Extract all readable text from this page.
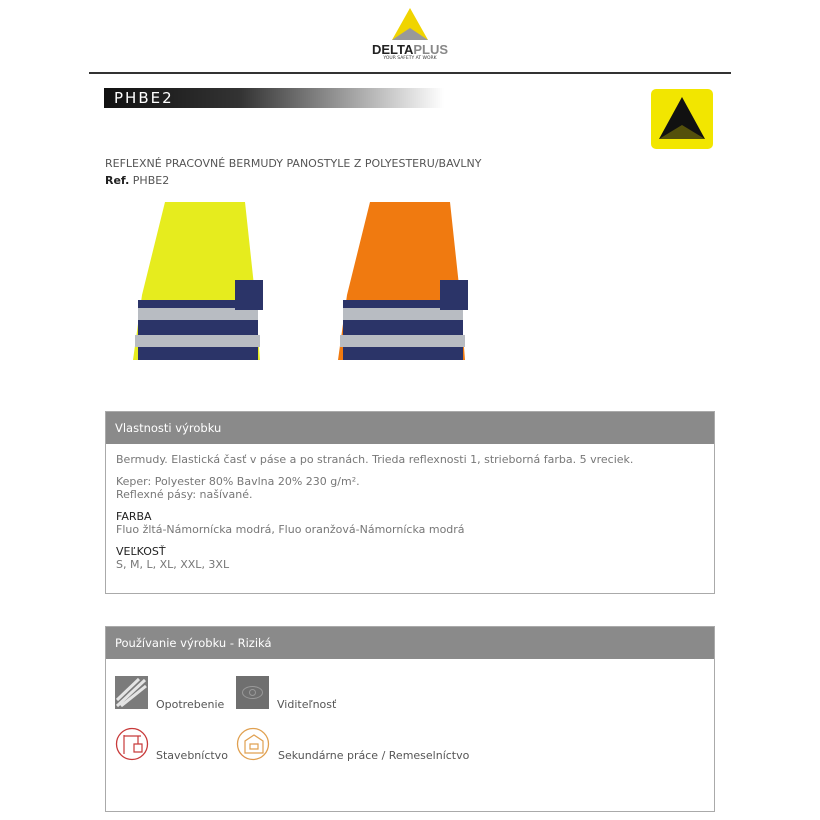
DELTAPLUS
YOUR SAFETY AT WORK
PHBE2
REFLEXNÉ PRACOVNÉ BERMUDY PANOSTYLE Z POLYESTERU/BAVLNY
Ref. PHBE2
Vlastnosti výrobku
Bermudy. Elastická časť v páse a po stranách. Trieda reflexnosti 1, strieborná farba. 5 vreciek.
Keper: Polyester 80% Bavlna 20% 230 g/m².
Reflexné pásy: našívané.
FARBA
Fluo žltá-Námornícka modrá, Fluo oranžová-Námornícka modrá
VEĽKOSŤ
S, M, L, XL, XXL, 3XL
Používanie výrobku - Riziká
Opotrebenie	Viditeľnosť
Stavebníctvo	Sekundárne práce / Remeselníctvo
